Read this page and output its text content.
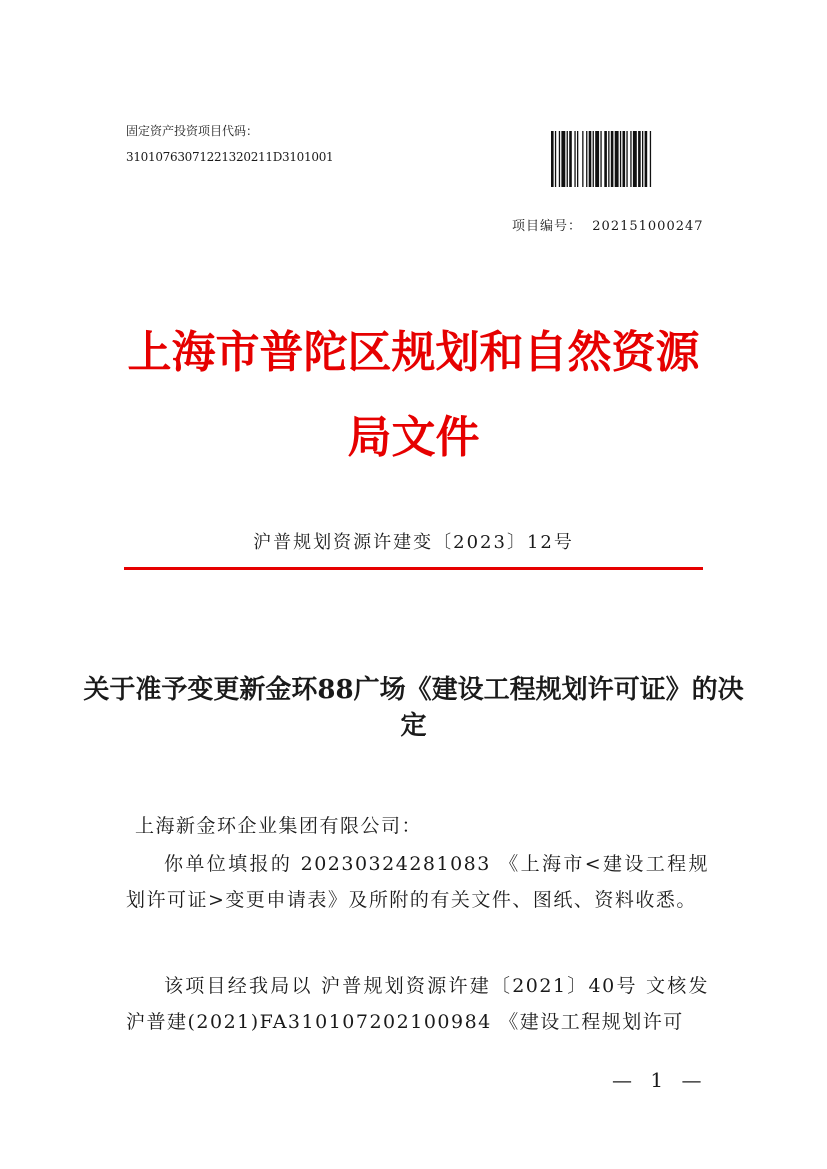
固定资产投资项目代码：
31010763071221320211D3101001
项目编号： 202151000247
上海市普陀区规划和自然资源
局文件
沪普规划资源许建变〔2023〕12号
关于准予变更新金环88广场《建设工程规划许可证》的决定
上海新金环企业集团有限公司：
你单位填报的 20230324281083 《上海市<建设工程规划许可证>变更申请表》及所附的有关文件、图纸、资料收悉。
该项目经我局以 沪普规划资源许建〔2021〕40号 文核发 沪普建(2021)FA310107202100984 《建设工程规划许可
— 1 —
